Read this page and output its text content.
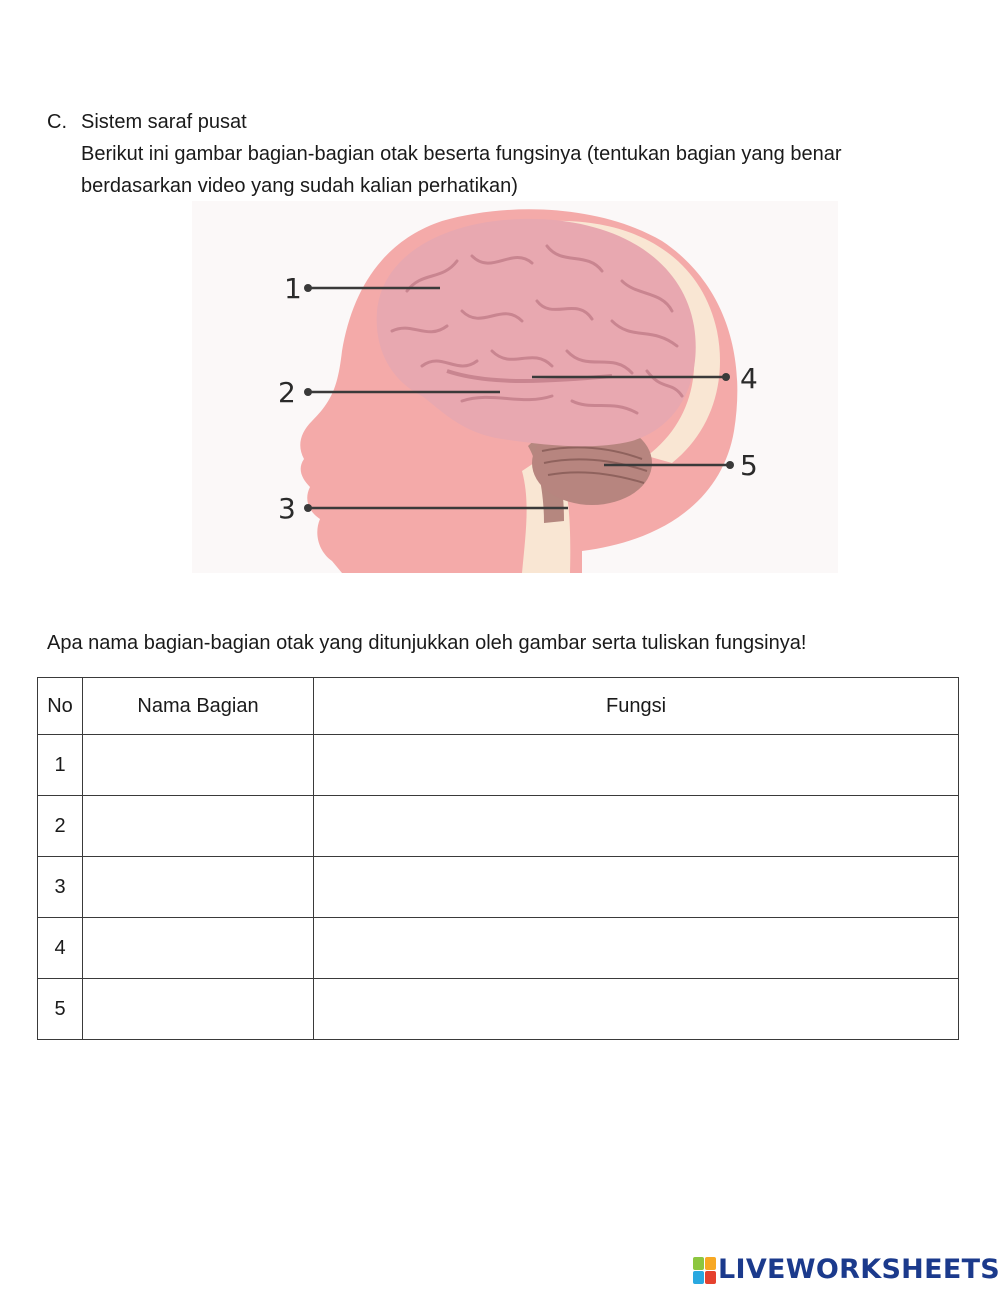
C. Sistem saraf pusat
Berikut ini gambar bagian-bagian otak beserta fungsinya (tentukan bagian yang benar berdasarkan video yang sudah kalian perhatikan)
1
2
3
4
5
Apa nama bagian-bagian otak yang ditunjukkan oleh gambar serta tuliskan fungsinya!
No	Nama Bagian	Fungsi
1		
2		
3		
4		
5		
LIVEWORKSHEETS
